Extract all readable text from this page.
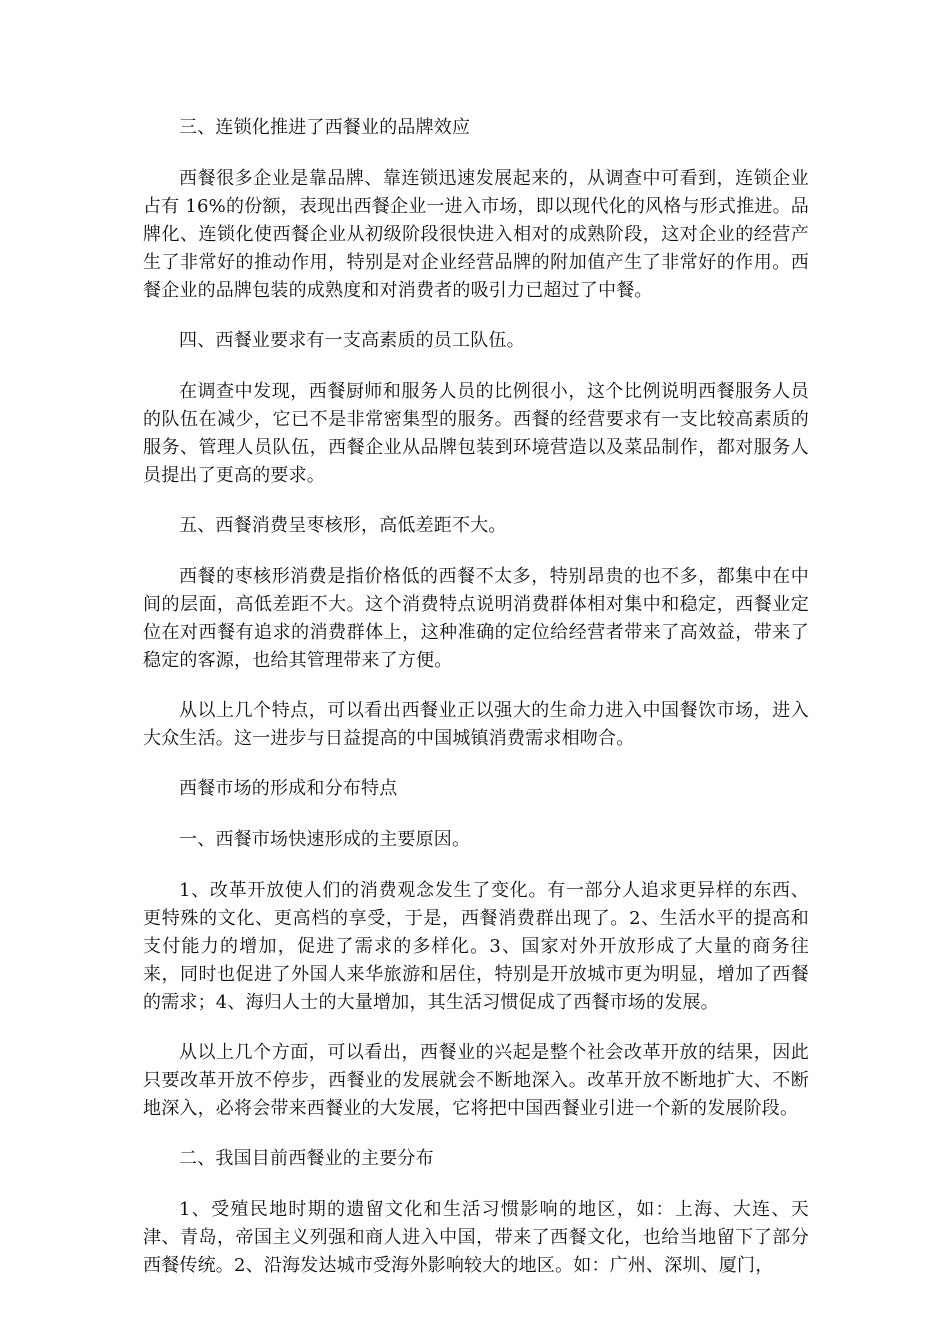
三、连锁化推进了西餐业的品牌效应

西餐很多企业是靠品牌、靠连锁迅速发展起来的，从调查中可看到，连锁企业占有 16%的份额，表现出西餐企业一进入市场，即以现代化的风格与形式推进。品牌化、连锁化使西餐企业从初级阶段很快进入相对的成熟阶段，这对企业的经营产生了非常好的推动作用，特别是对企业经营品牌的附加值产生了非常好的作用。西餐企业的品牌包装的成熟度和对消费者的吸引力已超过了中餐。

四、西餐业要求有一支高素质的员工队伍。

在调查中发现，西餐厨师和服务人员的比例很小，这个比例说明西餐服务人员的队伍在减少，它已不是非常密集型的服务。西餐的经营要求有一支比较高素质的服务、管理人员队伍，西餐企业从品牌包装到环境营造以及菜品制作，都对服务人员提出了更高的要求。

五、西餐消费呈枣核形，高低差距不大。

西餐的枣核形消费是指价格低的西餐不太多，特别昂贵的也不多，都集中在中间的层面，高低差距不大。这个消费特点说明消费群体相对集中和稳定，西餐业定位在对西餐有追求的消费群体上，这种准确的定位给经营者带来了高效益，带来了稳定的客源，也给其管理带来了方便。

从以上几个特点，可以看出西餐业正以强大的生命力进入中国餐饮市场，进入大众生活。这一进步与日益提高的中国城镇消费需求相吻合。

西餐市场的形成和分布特点

一、西餐市场快速形成的主要原因。

1、改革开放使人们的消费观念发生了变化。有一部分人追求更异样的东西、更特殊的文化、更高档的享受，于是，西餐消费群出现了。2、生活水平的提高和支付能力的增加，促进了需求的多样化。3、国家对外开放形成了大量的商务往来，同时也促进了外国人来华旅游和居住，特别是开放城市更为明显，增加了西餐的需求；4、海归人士的大量增加，其生活习惯促成了西餐市场的发展。

从以上几个方面，可以看出，西餐业的兴起是整个社会改革开放的结果，因此只要改革开放不停步，西餐业的发展就会不断地深入。改革开放不断地扩大、不断地深入，必将会带来西餐业的大发展，它将把中国西餐业引进一个新的发展阶段。

二、我国目前西餐业的主要分布

1、受殖民地时期的遗留文化和生活习惯影响的地区，如：上海、大连、天津、青岛，帝国主义列强和商人进入中国，带来了西餐文化，也给当地留下了部分西餐传统。2、沿海发达城市受海外影响较大的地区。如：广州、深圳、厦门，
